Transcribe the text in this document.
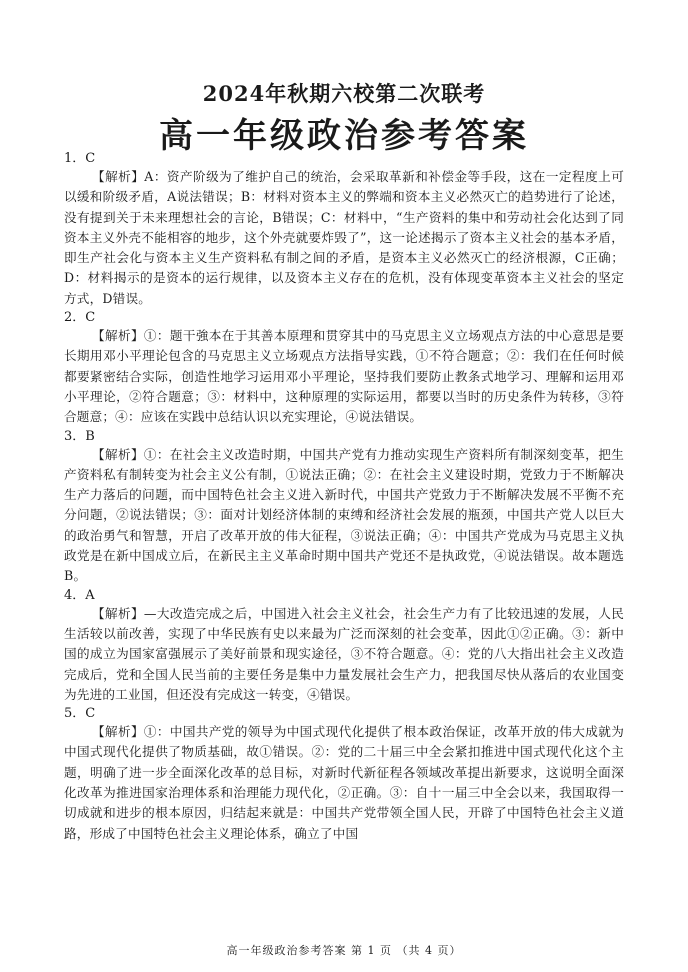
2024年秋期六校第二次联考
高一年级政治参考答案

1．C

【解析】A：资产阶级为了维护自己的统治，会采取革新和补偿金等手段，这在一定程度上可以缓和阶级矛盾，A说法错误；B：材料对资本主义的弊端和资本主义必然灭亡的趋势进行了论述，没有提到关于未来理想社会的言论，B错误；C：材料中，“生产资料的集中和劳动社会化达到了同资本主义外壳不能相容的地步，这个外壳就要炸毁了”，这一论述揭示了资本主义社会的基本矛盾，即生产社会化与资本主义生产资料私有制之间的矛盾，是资本主义必然灭亡的经济根源，C正确；D：材料揭示的是资本的运行规律，以及资本主义存在的危机，没有体现变革资本主义社会的坚定方式，D错误。

2．C

【解析】①：题干強本在于其善本原理和贯穿其中的马克思主义立场观点方法的中心意思是要长期用邓小平理论包含的马克思主义立场观点方法指导实践，①不符合题意；②：我们在任何时候都要紧密结合实际，创造性地学习运用邓小平理论，坚持我们要防止教条式地学习、理解和运用邓小平理论，②符合题意；③：材料中，这种原理的实际运用，都要以当时的历史条件为转移，③符合题意；④：应该在实践中总结认识以充实理论，④说法错误。

3．B

【解析】①：在社会主义改造时期，中国共产党有力推动实现生产资料所有制深刻变革，把生产资料私有制转变为社会主义公有制，①说法正确；②：在社会主义建设时期，党致力于不断解决生产力落后的问题，而中国特色社会主义进入新时代，中国共产党致力于不断解决发展不平衡不充分问题，②说法错误；③：面对计划经济体制的束缚和经济社会发展的瓶颈，中国共产党人以巨大的政治勇气和智慧，开启了改革开放的伟大征程，③说法正确；④：中国共产党成为马克思主义执政党是在新中国成立后，在新民主主义革命时期中国共产党还不是执政党，④说法错误。故本题选B。

4．A

【解析】—大改造完成之后，中国进入社会主义社会，社会生产力有了比较迅速的发展，人民生活较以前改善，实现了中华民族有史以来最为广泛而深刻的社会变革，因此①②正确。③：新中国的成立为国家富强展示了美好前景和现实途径，③不符合题意。④：党的八大指出社会主义改造完成后，党和全国人民当前的主要任务是集中力量发展社会生产力，把我国尽快从落后的农业国变为先进的工业国，但还没有完成这一转变，④错误。

5．C

【解析】①：中国共产党的领导为中国式现代化提供了根本政治保证，改革开放的伟大成就为中国式现代化提供了物质基础，故①错误。②：党的二十届三中全会紧扣推进中国式现代化这个主题，明确了进一步全面深化改革的总目标，对新时代新征程各领域改革提出新要求，这说明全面深化改革为推进国家治理体系和治理能力现代化，②正确。③：自十一届三中全会以来，我国取得一切成就和进步的根本原因，归结起来就是：中国共产党带领全国人民，开辟了中国特色社会主义道路，形成了中国特色社会主义理论体系，确立了中国

高一年级政治参考答案 第 1 页 （共 4 页）
